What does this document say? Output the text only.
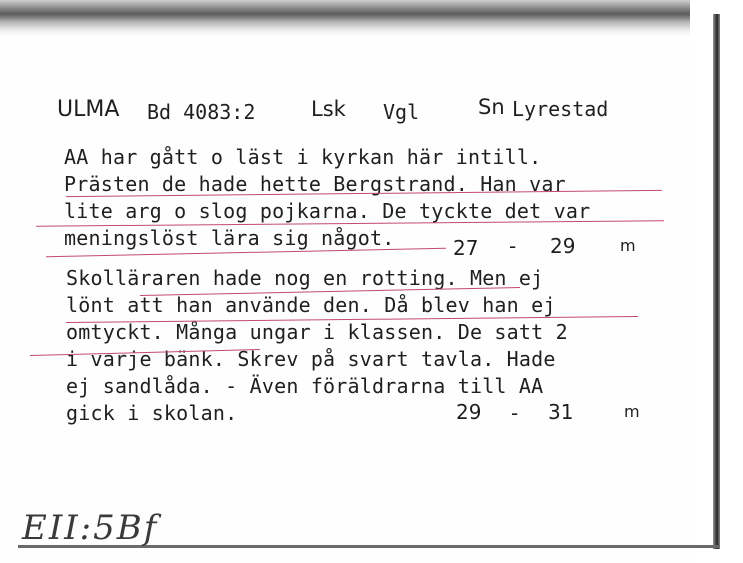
ULMA Bd 4083:2	Lsk Vgl	Sn Lyrestad
AA har gått o läst i kyrkan här intill.
Prästen de hade hette Bergstrand. Han var
lite arg o slog pojkarna. De tyckte det var
meningslöst lära sig något.	27 - 29	m
Skolläraren hade nog en rotting. Men ej
lönt att han använde den. Då blev han ej
omtyckt. Många ungar i klassen. De satt 2
i varje bänk. Skrev på svart tavla. Hade
ej sandlåda. - Även föräldrarna till AA
gick i skolan.	29 - 31	m
EII:5Bf
